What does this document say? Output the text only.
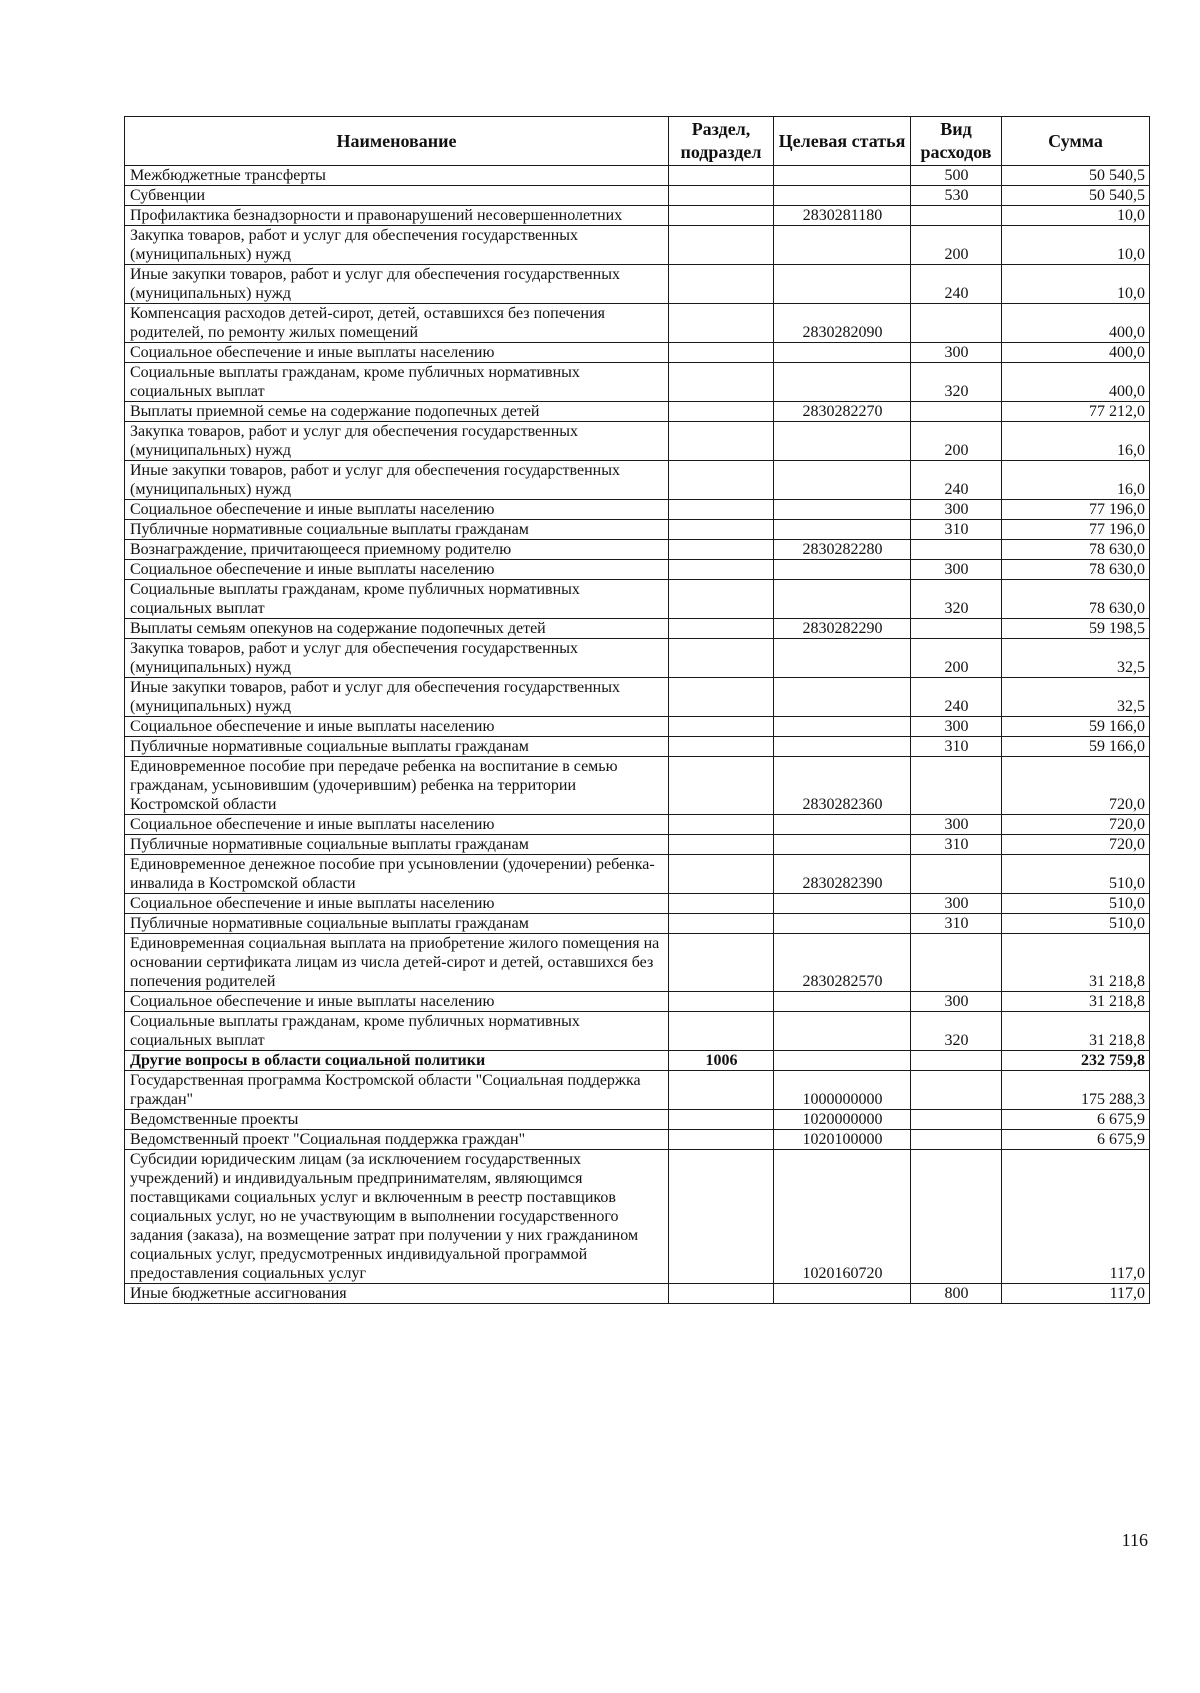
Наименование	Раздел, подраздел	Целевая статья	Вид расходов	Сумма
Межбюджетные трансферты			500	50 540,5
Субвенции			530	50 540,5
Профилактика безнадзорности и правонарушений несовершеннолетних		2830281180		10,0
Закупка товаров, работ и услуг для обеспечения государственных (муниципальных) нужд			200	10,0
Иные закупки товаров, работ и услуг для обеспечения государственных (муниципальных) нужд			240	10,0
Компенсация расходов детей-сирот, детей, оставшихся без попечения родителей, по ремонту жилых помещений		2830282090		400,0
Социальное обеспечение и иные выплаты населению			300	400,0
Социальные выплаты гражданам, кроме публичных нормативных социальных выплат			320	400,0
Выплаты приемной семье на содержание подопечных детей		2830282270		77 212,0
Закупка товаров, работ и услуг для обеспечения государственных (муниципальных) нужд			200	16,0
Иные закупки товаров, работ и услуг для обеспечения государственных (муниципальных) нужд			240	16,0
Социальное обеспечение и иные выплаты населению			300	77 196,0
Публичные нормативные социальные выплаты гражданам			310	77 196,0
Вознаграждение, причитающееся приемному родителю		2830282280		78 630,0
Социальное обеспечение и иные выплаты населению			300	78 630,0
Социальные выплаты гражданам, кроме публичных нормативных социальных выплат			320	78 630,0
Выплаты семьям опекунов на содержание подопечных детей		2830282290		59 198,5
Закупка товаров, работ и услуг для обеспечения государственных (муниципальных) нужд			200	32,5
Иные закупки товаров, работ и услуг для обеспечения государственных (муниципальных) нужд			240	32,5
Социальное обеспечение и иные выплаты населению			300	59 166,0
Публичные нормативные социальные выплаты гражданам			310	59 166,0
Единовременное пособие при передаче ребенка на воспитание в семью гражданам, усыновившим (удочерившим) ребенка на территории Костромской области		2830282360		720,0
Социальное обеспечение и иные выплаты населению			300	720,0
Публичные нормативные социальные выплаты гражданам			310	720,0
Единовременное денежное пособие при усыновлении (удочерении) ребенка-инвалида в Костромской области		2830282390		510,0
Социальное обеспечение и иные выплаты населению			300	510,0
Публичные нормативные социальные выплаты гражданам			310	510,0
Единовременная социальная выплата на приобретение жилого помещения на основании сертификата лицам из числа детей-сирот и детей, оставшихся без попечения родителей		2830282570		31 218,8
Социальное обеспечение и иные выплаты населению			300	31 218,8
Социальные выплаты гражданам, кроме публичных нормативных социальных выплат			320	31 218,8
Другие вопросы в области социальной политики	1006			232 759,8
Государственная программа Костромской области "Социальная поддержка граждан"		1000000000		175 288,3
Ведомственные проекты		1020000000		6 675,9
Ведомственный проект "Социальная поддержка граждан"		1020100000		6 675,9
Субсидии юридическим лицам (за исключением государственных учреждений) и индивидуальным предпринимателям, являющимся поставщиками социальных услуг и включенным в реестр поставщиков социальных услуг, но не участвующим в выполнении государственного задания (заказа), на возмещение затрат при получении у них гражданином социальных услуг, предусмотренных индивидуальной программой предоставления социальных услуг		1020160720		117,0
Иные бюджетные ассигнования			800	117,0
116
